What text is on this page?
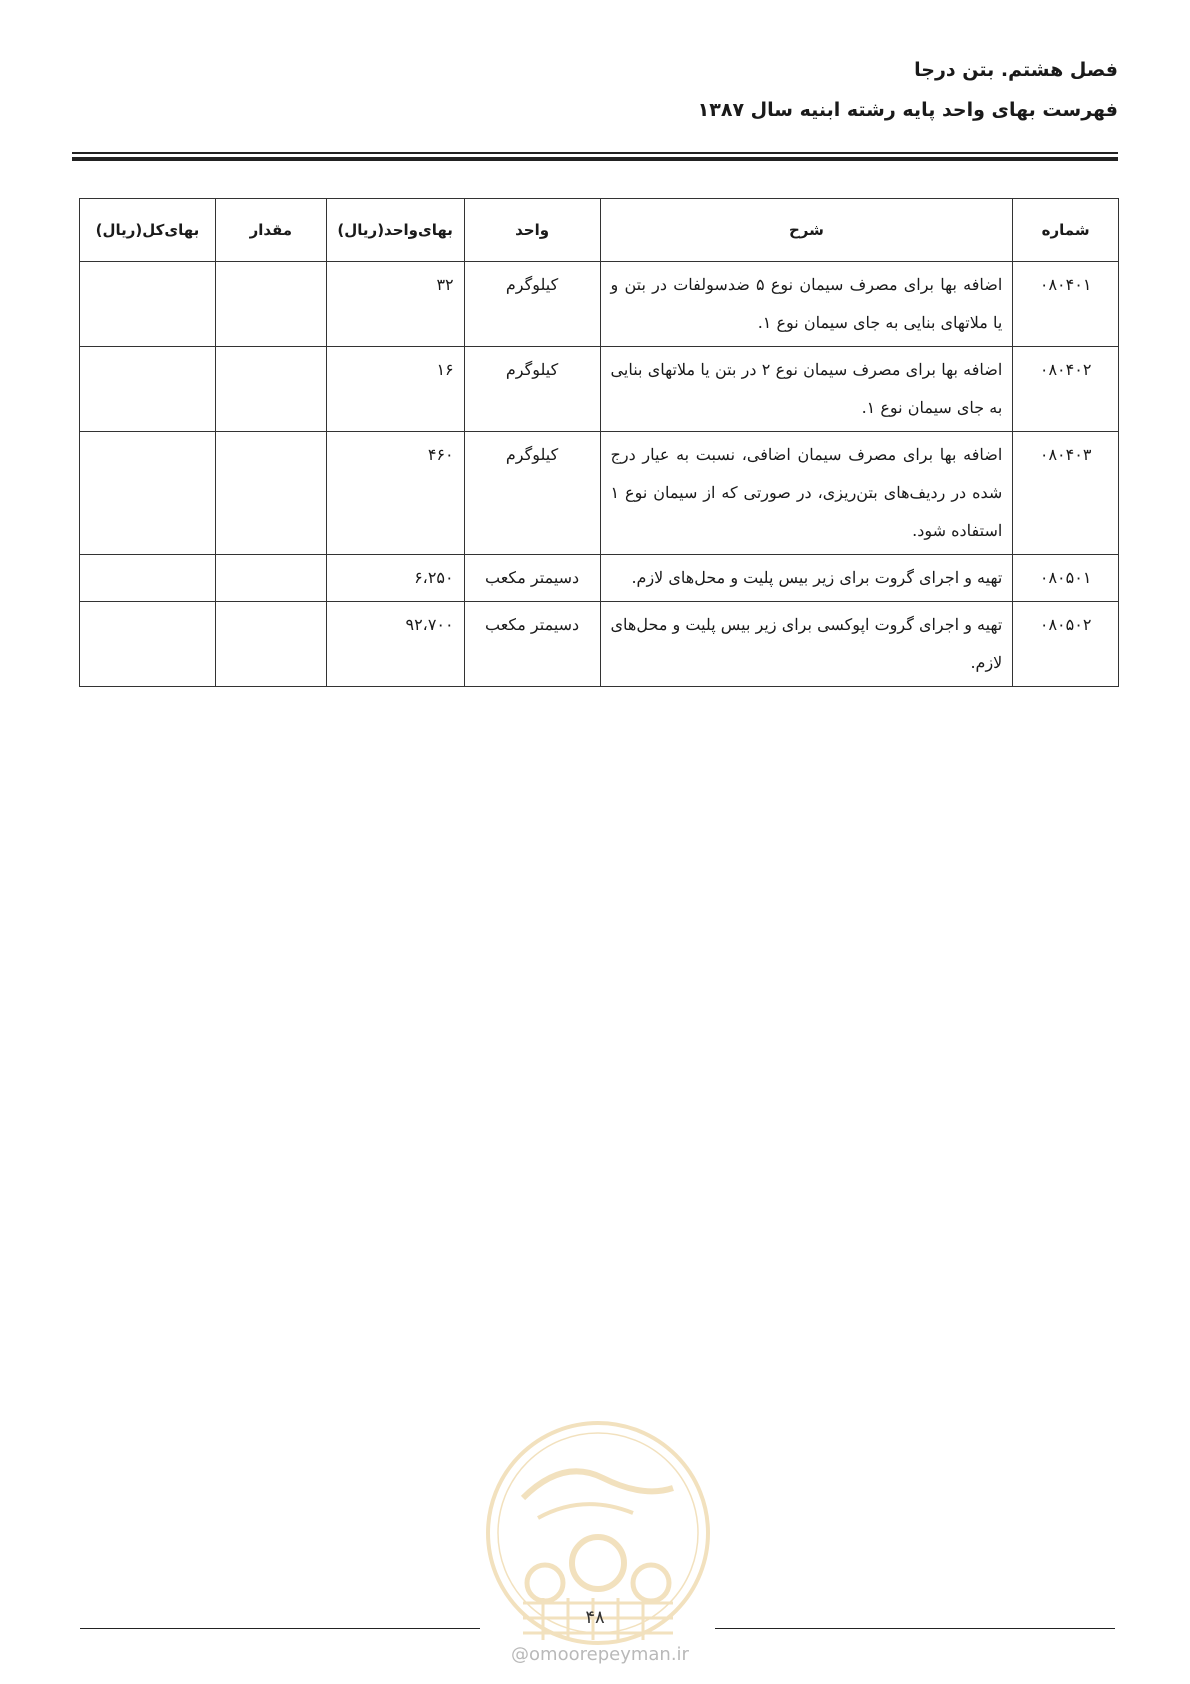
فصل هشتم. بتن درجا
فهرست بهای واحد پایه رشته ابنیه سال ۱۳۸۷
شماره	شرح	واحد	بهای‌واحد(ریال)	مقدار	بهای‌کل(ریال)
۰۸۰۴۰۱	اضافه بها برای مصرف سیمان نوع ۵ ضدسولفات در بتن و یا ملاتهای بنایی به جای سیمان نوع ۱.	کیلوگرم	۳۲		
۰۸۰۴۰۲	اضافه بها برای مصرف سیمان نوع ۲ در بتن یا ملاتهای بنایی به جای سیمان نوع ۱.	کیلوگرم	۱۶		
۰۸۰۴۰۳	اضافه بها برای مصرف سیمان اضافی، نسبت به عیار درج شده در ردیف‌های بتن‌ریزی، در صورتی که از سیمان نوع ۱ استفاده شود.	کیلوگرم	۴۶۰		
۰۸۰۵۰۱	تهیه و اجرای گروت برای زیر بیس پلیت و محل‌های لازم.	دسیمتر مکعب	۶،۲۵۰		
۰۸۰۵۰۲	تهیه و اجرای گروت اپوکسی برای زیر بیس پلیت و محل‌های لازم.	دسیمتر مکعب	۹۲،۷۰۰		
۴۸
@omoorepeyman.ir
